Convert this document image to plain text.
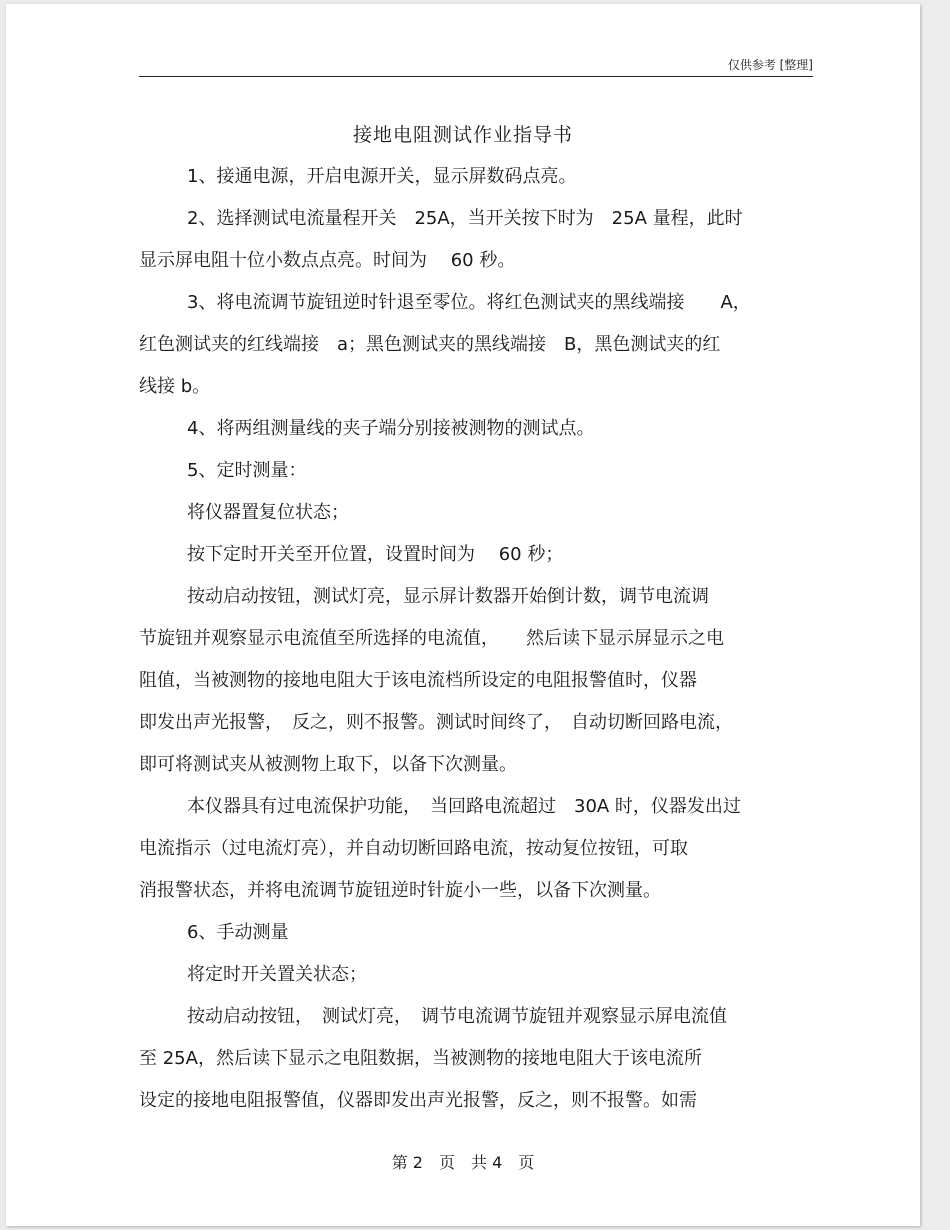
仅供参考 [整理]
接地电阻测试作业指导书
1、接通电源，开启电源开关，显示屏数码点亮。
2、选择测试电流量程开关　25A，当开关按下时为　25A 量程，此时
显示屏电阻十位小数点点亮。时间为　 60 秒。
3、将电流调节旋钮逆时针退至零位。将红色测试夹的黑线端接　　A，
红色测试夹的红线端接　a；黑色测试夹的黑线端接　B，黑色测试夹的红
线接 b。
4、将两组测量线的夹子端分别接被测物的测试点。
5、定时测量：
将仪器置复位状态；
按下定时开关至开位置，设置时间为　 60 秒；
按动启动按钮，测试灯亮，显示屏计数器开始倒计数，调节电流调
节旋钮并观察显示电流值至所选择的电流值，　　然后读下显示屏显示之电
阻值，当被测物的接地电阻大于该电流档所设定的电阻报警值时，仪器
即发出声光报警，　反之，则不报警。测试时间终了，　自动切断回路电流，
即可将测试夹从被测物上取下，以备下次测量。
本仪器具有过电流保护功能，　当回路电流超过　30A 时，仪器发出过
电流指示（过电流灯亮），并自动切断回路电流，按动复位按钮，可取
消报警状态，并将电流调节旋钮逆时针旋小一些，以备下次测量。
6、手动测量
将定时开关置关状态；
按动启动按钮，　测试灯亮，　调节电流调节旋钮并观察显示屏电流值
至 25A，然后读下显示之电阻数据，当被测物的接地电阻大于该电流所
设定的接地电阻报警值，仪器即发出声光报警，反之，则不报警。如需
第 2　页　共 4　页
